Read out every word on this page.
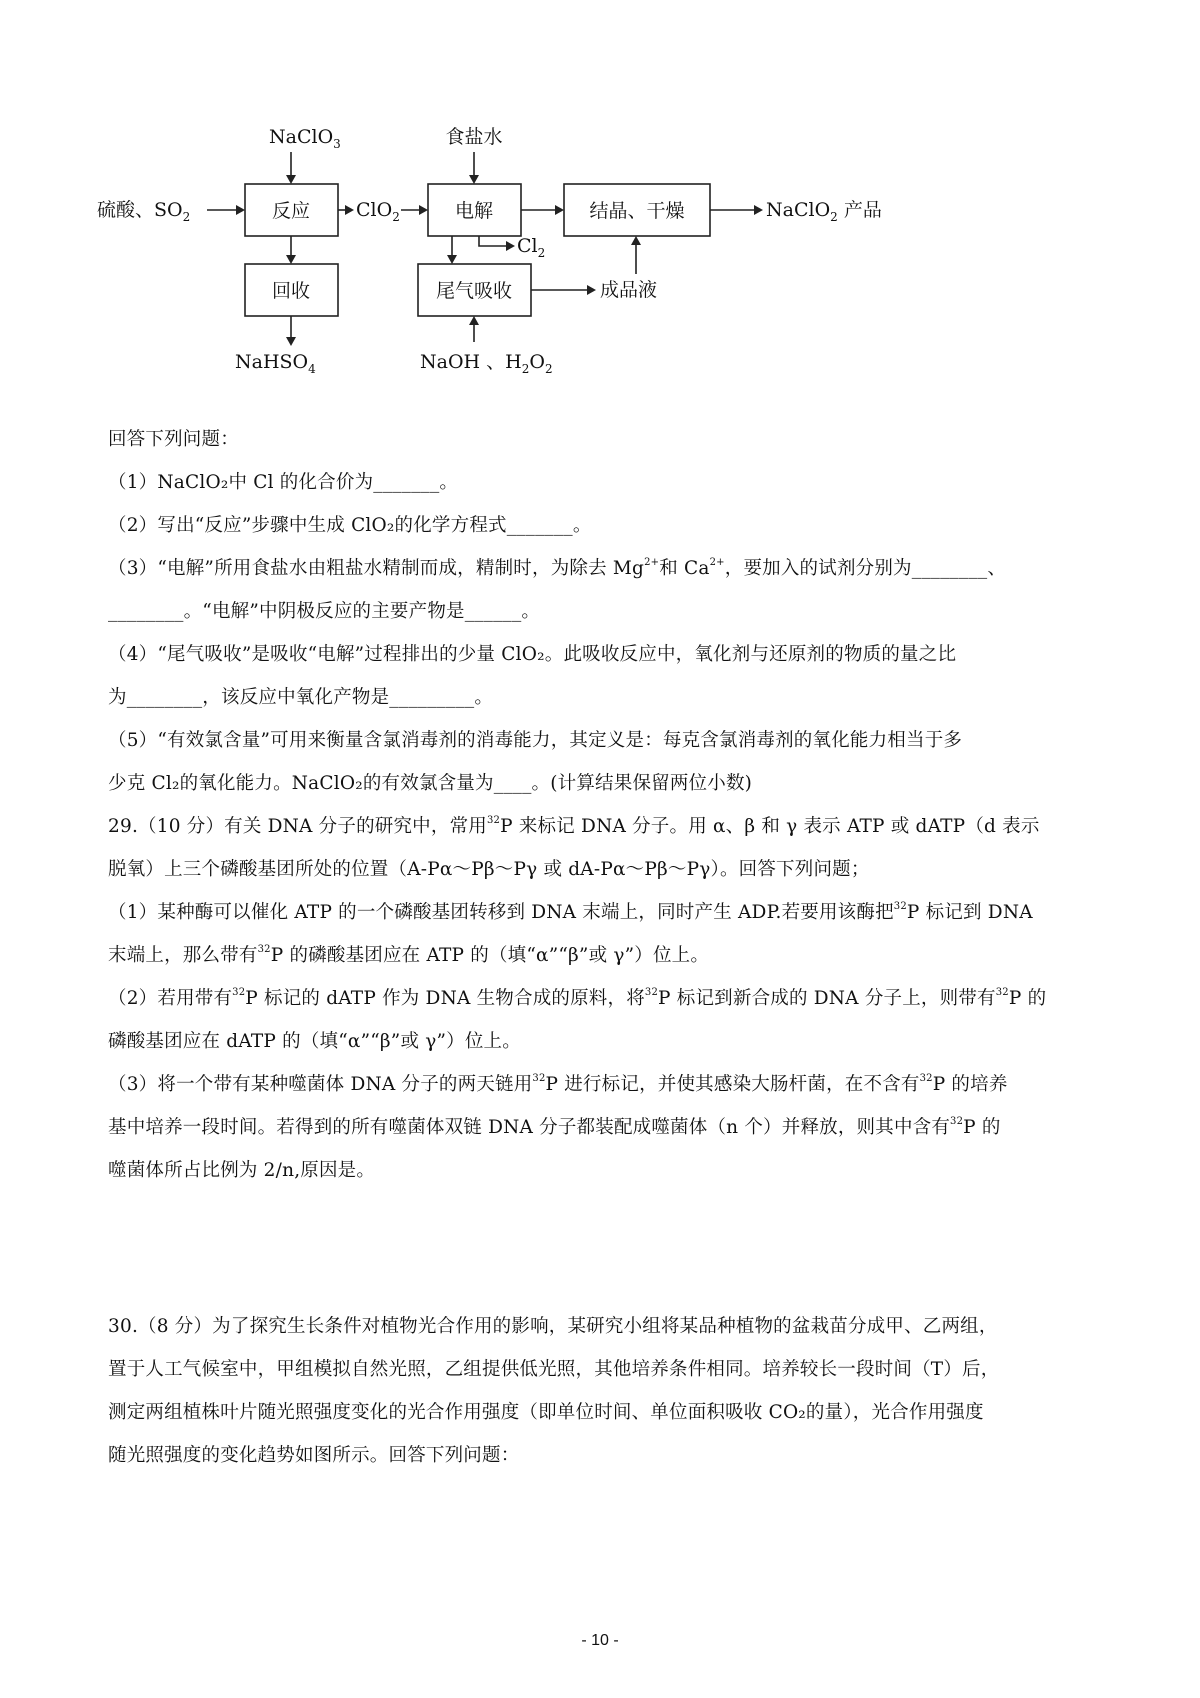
反应	电解	结晶、干燥
回收	尾气吸收
NaClO$_3$	食盐水
硫酸、$SO_2$	ClO$_2$	NaClO$_2$ 产品
NaHSO$_4$
$Cl_2$
成品液
NaOH 、$H_2O_2$

回答下列问题：

（1）NaClO₂中 Cl 的化合价为_______。

（2）写出“反应”步骤中生成 ClO₂的化学方程式_______。

（3）“电解”所用食盐水由粗盐水精制而成，精制时，为除去 $Mg^{2+}$和 $Ca^{2+}$，要加入的试剂分别为________、

________。“电解”中阴极反应的主要产物是______。

（4）“尾气吸收”是吸收“电解”过程排出的少量 ClO₂。此吸收反应中，氧化剂与还原剂的物质的量之比

为________，该反应中氧化产物是_________。

（5）“有效氯含量”可用来衡量含氯消毒剂的消毒能力，其定义是：每克含氯消毒剂的氧化能力相当于多

少克 Cl₂的氧化能力。NaClO₂的有效氯含量为____。(计算结果保留两位小数)

29.（10 分）有关 DNA 分子的研究中，常用$^{32}$P 来标记 DNA 分子。用 α、β 和 γ 表示 ATP 或 dATP（d 表示

脱氧）上三个磷酸基团所处的位置（A-Pα～Pβ～Pγ 或 dA-Pα～Pβ～Pγ）。回答下列问题；

（1）某种酶可以催化 ATP 的一个磷酸基团转移到 DNA 末端上，同时产生 ADP.若要用该酶把$^{32}$P 标记到 DNA

末端上，那么带有$^{32}$P 的磷酸基团应在 ATP 的（填“α”“β”或 γ”）位上。

（2）若用带有$^{32}$P 标记的 dATP 作为 DNA 生物合成的原料，将$^{32}$P 标记到新合成的 DNA 分子上，则带有$^{32}$P 的

磷酸基团应在 dATP 的（填“α”“β”或 γ”）位上。

（3）将一个带有某种噬菌体 DNA 分子的两天链用$^{32}$P 进行标记，并使其感染大肠杆菌，在不含有$^{32}$P 的培养

基中培养一段时间。若得到的所有噬菌体双链 DNA 分子都装配成噬菌体（n 个）并释放，则其中含有$^{32}$P 的

噬菌体所占比例为 2/n,原因是。

30.（8 分）为了探究生长条件对植物光合作用的影响，某研究小组将某品种植物的盆栽苗分成甲、乙两组，

置于人工气候室中，甲组模拟自然光照，乙组提供低光照，其他培养条件相同。培养较长一段时间（T）后，

测定两组植株叶片随光照强度变化的光合作用强度（即单位时间、单位面积吸收 CO₂的量），光合作用强度

随光照强度的变化趋势如图所示。回答下列问题：

- 10 -
